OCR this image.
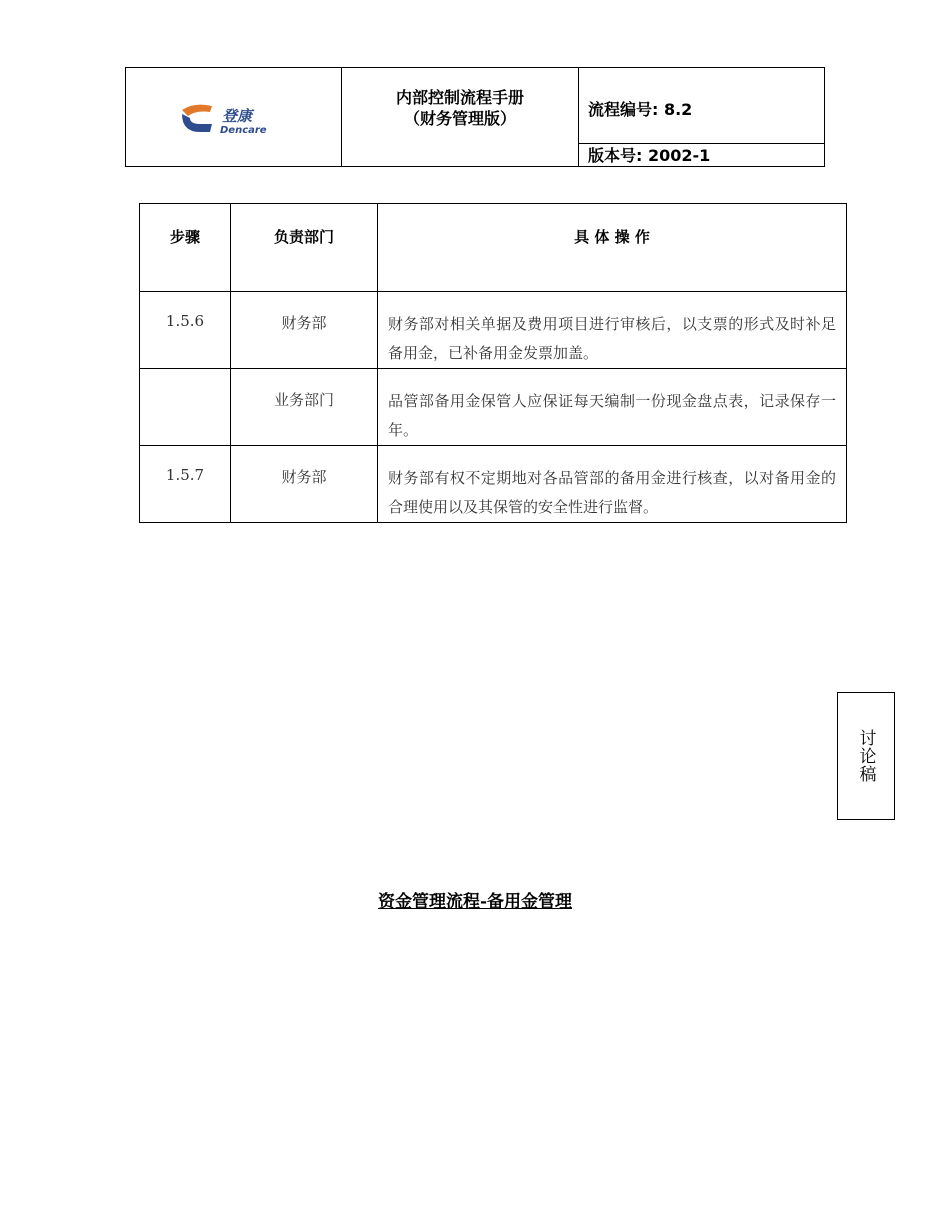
登康
Dencare
内部控制流程手册
（财务管理版）	流程编号: 8.2
版本号: 2002-1
步骤	负责部门	具 体 操 作
1.5.6	财务部	财务部对相关单据及费用项目进行审核后，以支票的形式及时补足备用金，已补备用金发票加盖。
	业务部门	品管部备用金保管人应保证每天编制一份现金盘点表，记录保存一年。
1.5.7	财务部	财务部有权不定期地对各品管部的备用金进行核查，以对备用金的合理使用以及其保管的安全性进行监督。
讨论稿
资金管理流程-备用金管理
